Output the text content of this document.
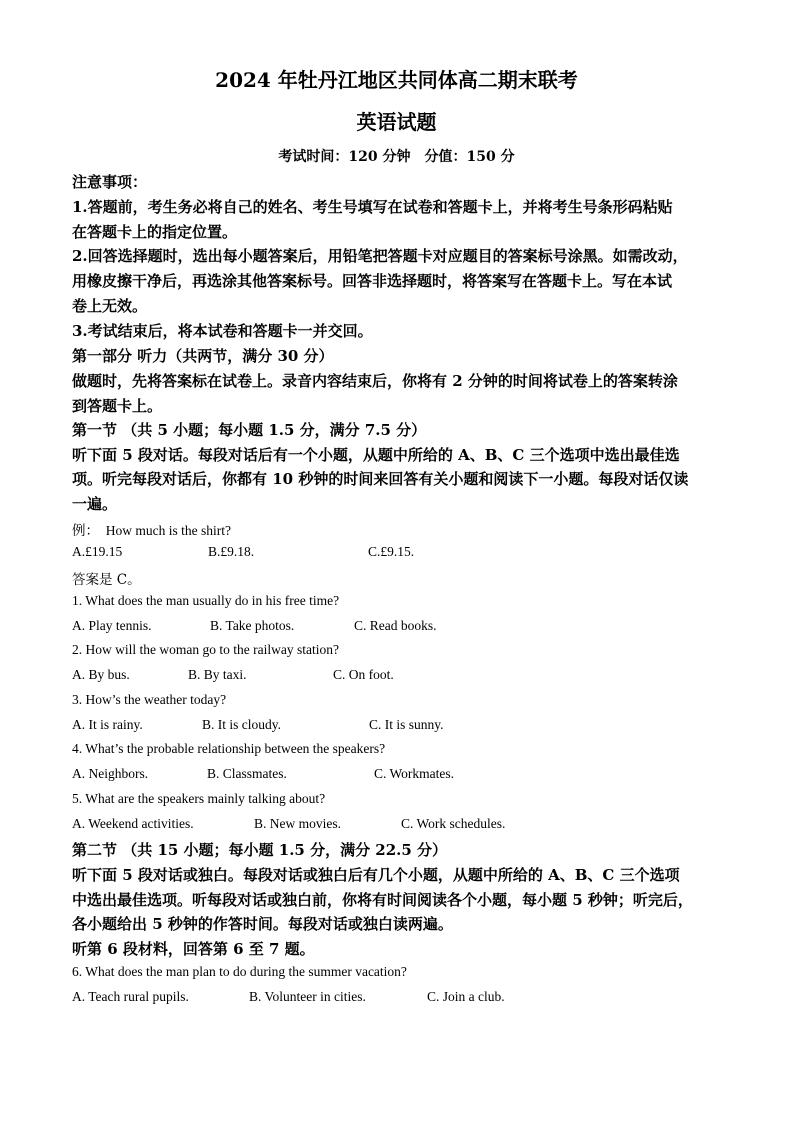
2024 年牡丹江地区共同体高二期末联考
英语试题
考试时间：120 分钟　分值：150 分
注意事项：
1.答题前，考生务必将自己的姓名、考生号填写在试卷和答题卡上，并将考生号条形码粘贴
在答题卡上的指定位置。
2.回答选择题时，选出每小题答案后，用铅笔把答题卡对应题目的答案标号涂黑。如需改动，
用橡皮擦干净后，再选涂其他答案标号。回答非选择题时，将答案写在答题卡上。写在本试
卷上无效。
3.考试结束后，将本试卷和答题卡一并交回。
第一部分 听力（共两节，满分 30 分）
做题时，先将答案标在试卷上。录音内容结束后，你将有 2 分钟的时间将试卷上的答案转涂
到答题卡上。
第一节 （共 5 小题；每小题 1.5 分，满分 7.5 分）
听下面 5 段对话。每段对话后有一个小题，从题中所给的 A、B、C 三个选项中选出最佳选
项。听完每段对话后，你都有 10 秒钟的时间来回答有关小题和阅读下一小题。每段对话仅读
一遍。
例：　How much is the shirt?
A.£19.15	B.£9.18.	C.£9.15.
答案是 C。
1. What does the man usually do in his free time?
A. Play tennis.	B. Take photos.	C. Read books.
2. How will the woman go to the railway station?
A. By bus.	B. By taxi.	C. On foot.
3. How’s the weather today?
A. It is rainy.	B. It is cloudy.	C. It is sunny.
4. What’s the probable relationship between the speakers?
A. Neighbors.	B. Classmates.	C. Workmates.
5. What are the speakers mainly talking about?
A. Weekend activities.	B. New movies.	C. Work schedules.
第二节 （共 15 小题；每小题 1.5 分，满分 22.5 分）
听下面 5 段对话或独白。每段对话或独白后有几个小题，从题中所给的 A、B、C 三个选项
中选出最佳选项。听每段对话或独白前，你将有时间阅读各个小题，每小题 5 秒钟；听完后，
各小题给出 5 秒钟的作答时间。每段对话或独白读两遍。
听第 6 段材料，回答第 6 至 7 题。
6. What does the man plan to do during the summer vacation?
A. Teach rural pupils.	B. Volunteer in cities.	C. Join a club.
